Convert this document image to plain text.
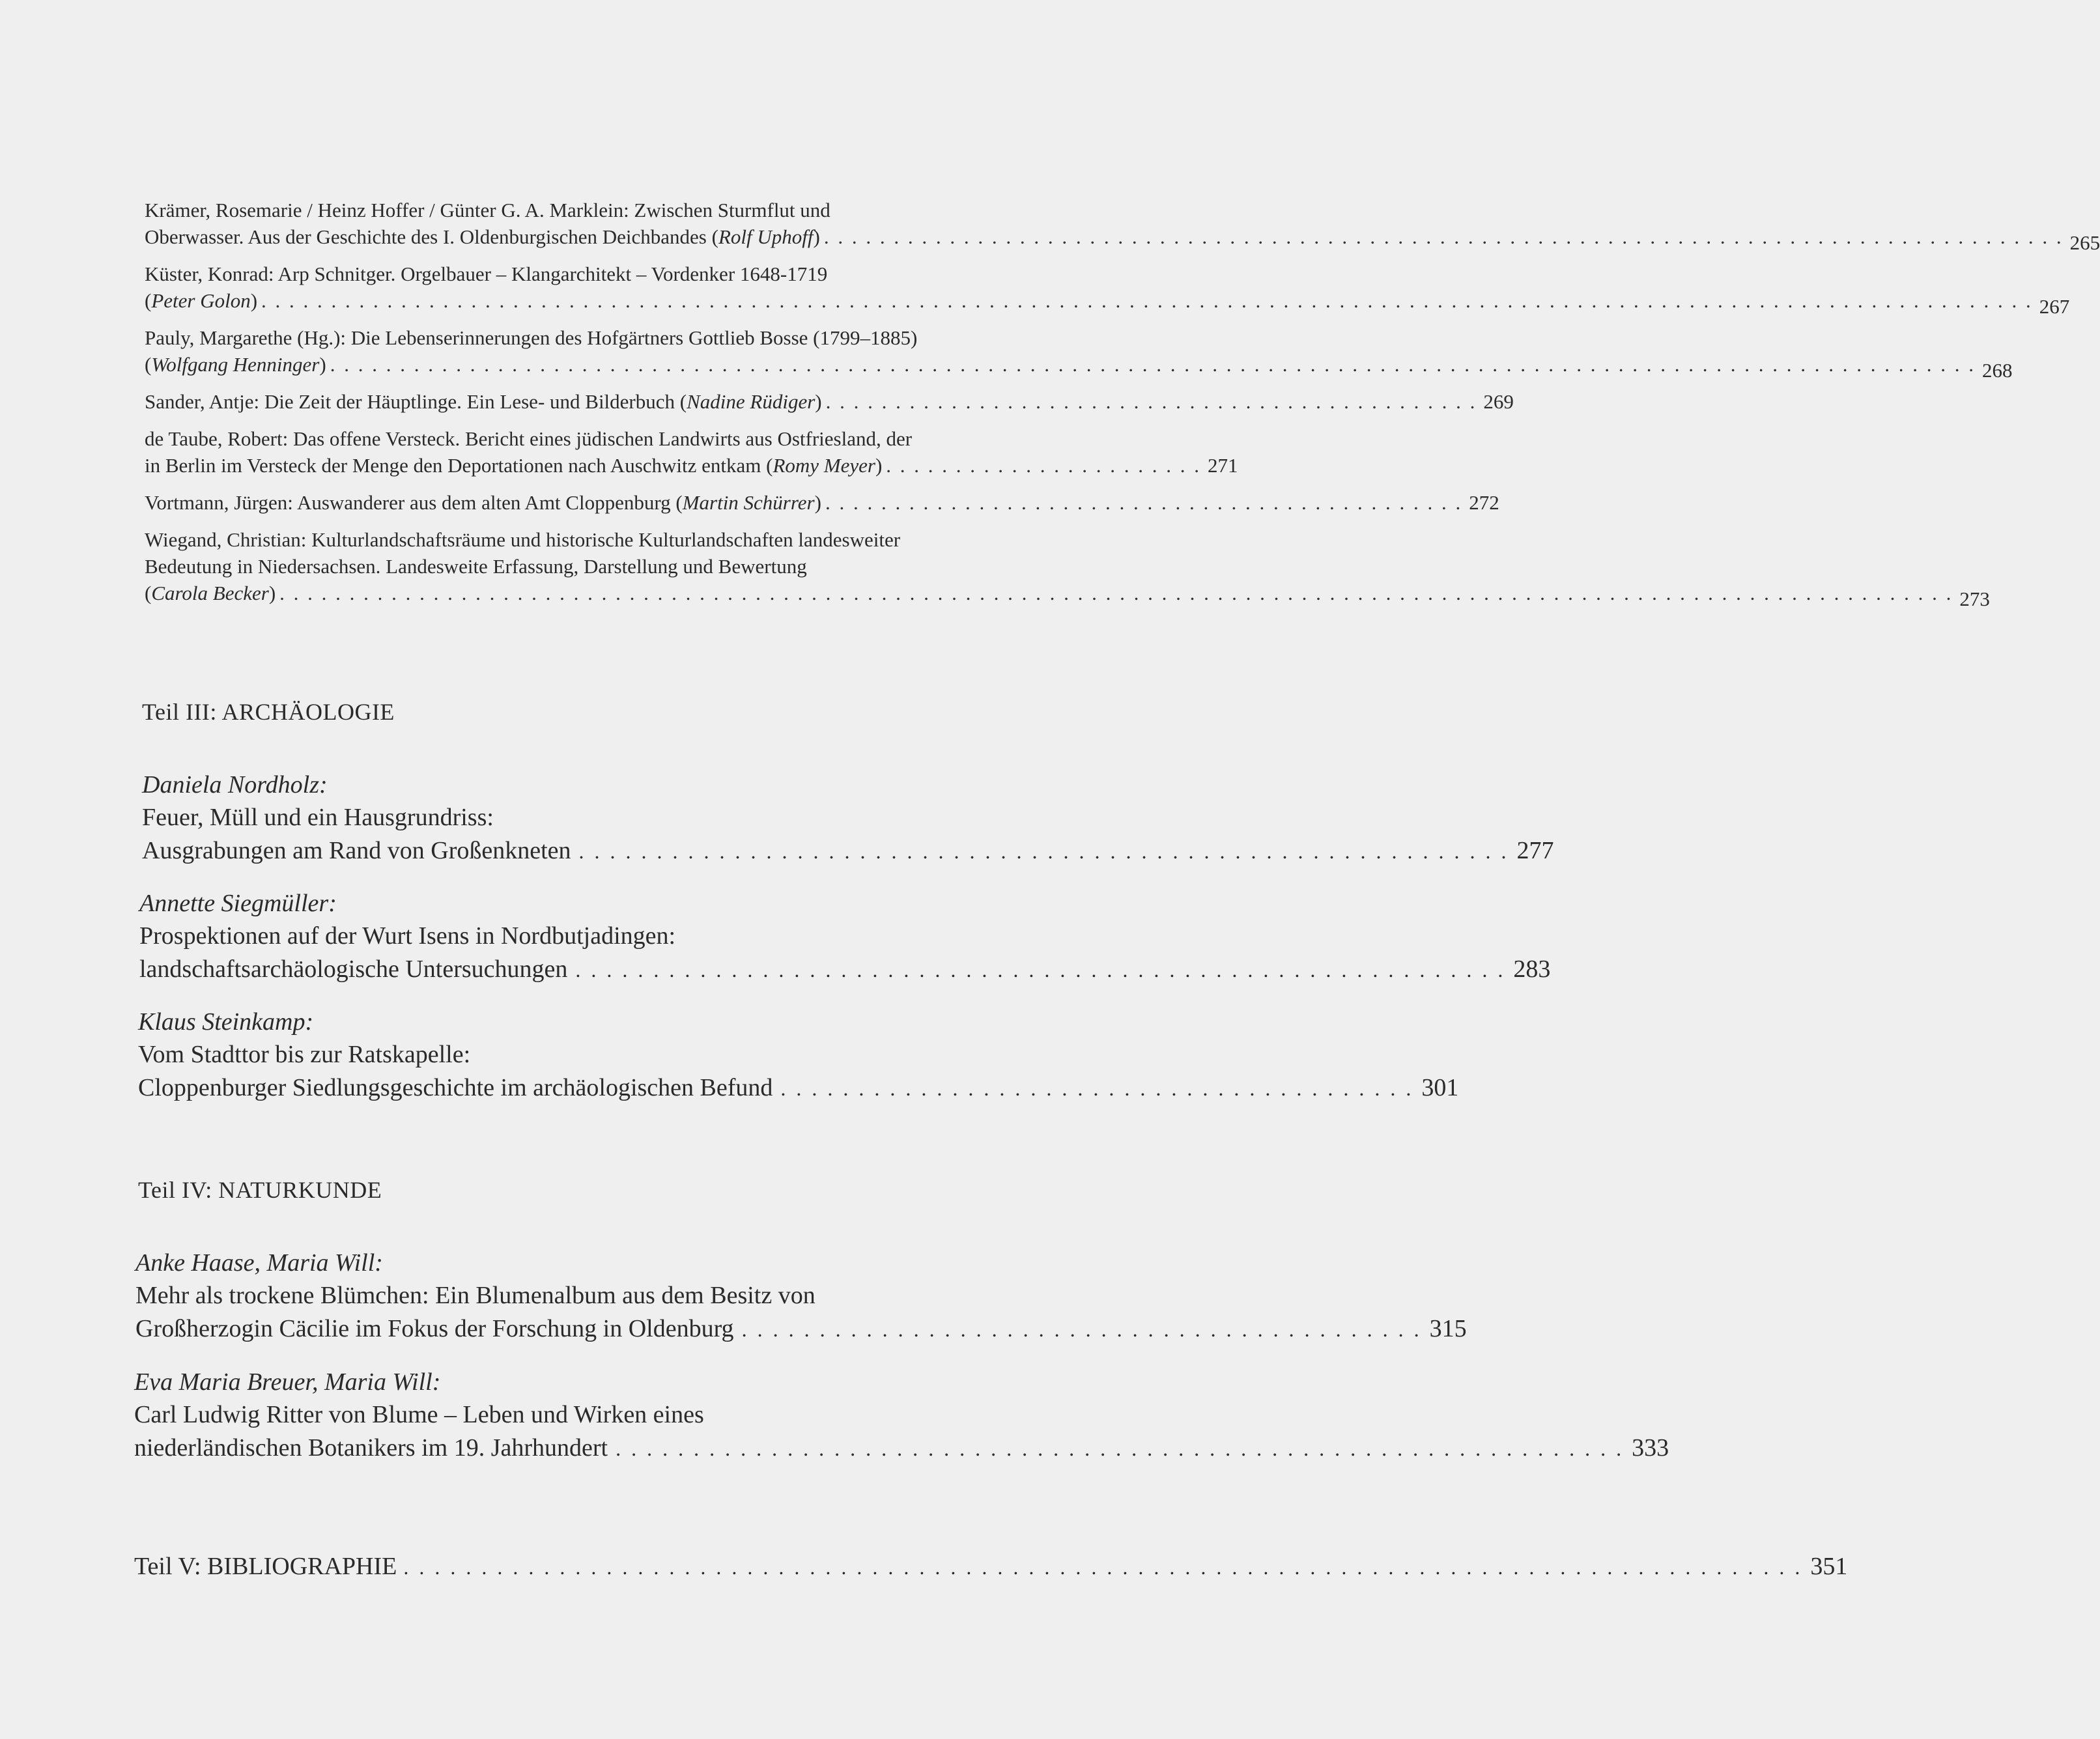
Krämer, Rosemarie / Heinz Hoffer / Günter G. A. Marklein: Zwischen Sturmflut und
Oberwasser. Aus der Geschichte des I. Oldenburgischen Deichbandes (Rolf Uphoff) . . . . . . . . . . . . . . . . . . . . . . . . . . . . . . . . . . . . . . . . . . . . . . . . . . . . . . . . . . . . . . . . . . . . . . . . . . . . . . . . . . . . . . . . . 265
Küster, Konrad: Arp Schnitger. Orgelbauer – Klangarchitekt – Vordenker 1648-1719
(Peter Golon) . . . . . . . . . . . . . . . . . . . . . . . . . . . . . . . . . . . . . . . . . . . . . . . . . . . . . . . . . . . . . . . . . . . . . . . . . . . . . . . . . . . . . . . . . . . . . . . . . . . . . . . . . . . . . . . . . . . . . . . . . . . . . . . 267
Pauly, Margarethe (Hg.): Die Lebenserinnerungen des Hofgärtners Gottlieb Bosse (1799–1885)
(Wolfgang Henninger) . . . . . . . . . . . . . . . . . . . . . . . . . . . . . . . . . . . . . . . . . . . . . . . . . . . . . . . . . . . . . . . . . . . . . . . . . . . . . . . . . . . . . . . . . . . . . . . . . . . . . . . . . . . . . . . . . . . . . . 268
Sander, Antje: Die Zeit der Häuptlinge. Ein Lese- und Bilderbuch (Nadine Rüdiger) . . . . . . . . . . . . . . . . . . . . . . . . . . . . . . . . . . . . . . . . . . . . . . . 269
de Taube, Robert: Das offene Versteck. Bericht eines jüdischen Landwirts aus Ostfriesland, der
in Berlin im Versteck der Menge den Deportationen nach Auschwitz entkam (Romy Meyer) . . . . . . . . . . . . . . . . . . . . . . . 271
Vortmann, Jürgen: Auswanderer aus dem alten Amt Cloppenburg (Martin Schürrer) . . . . . . . . . . . . . . . . . . . . . . . . . . . . . . . . . . . . . . . . . . . . . . 272
Wiegand, Christian: Kulturlandschaftsräume und historische Kulturlandschaften landesweiter
Bedeutung in Niedersachsen. Landesweite Erfassung, Darstellung und Bewertung
(Carola Becker) . . . . . . . . . . . . . . . . . . . . . . . . . . . . . . . . . . . . . . . . . . . . . . . . . . . . . . . . . . . . . . . . . . . . . . . . . . . . . . . . . . . . . . . . . . . . . . . . . . . . . . . . . . . . . . . . . . . . . . . . 273
Teil III: ARCHÄOLOGIE
Daniela Nordholz:
Feuer, Müll und ein Hausgrundriss:
Ausgrabungen am Rand von Großenkneten . . . . . . . . . . . . . . . . . . . . . . . . . . . . . . . . . . . . . . . . . . . . . . . . . . . . . . . . . . . . 277
Annette Siegmüller:
Prospektionen auf der Wurt Isens in Nordbutjadingen:
landschaftsarchäologische Untersuchungen . . . . . . . . . . . . . . . . . . . . . . . . . . . . . . . . . . . . . . . . . . . . . . . . . . . . . . . . . . . . 283
Klaus Steinkamp:
Vom Stadttor bis zur Ratskapelle:
Cloppenburger Siedlungsgeschichte im archäologischen Befund . . . . . . . . . . . . . . . . . . . . . . . . . . . . . . . . . . . . . . . . . 301
Teil IV: NATURKUNDE
Anke Haase, Maria Will:
Mehr als trockene Blümchen: Ein Blumenalbum aus dem Besitz von
Großherzogin Cäcilie im Fokus der Forschung in Oldenburg . . . . . . . . . . . . . . . . . . . . . . . . . . . . . . . . . . . . . . . . . . . . 315
Eva Maria Breuer, Maria Will:
Carl Ludwig Ritter von Blume – Leben und Wirken eines
niederländischen Botanikers im 19. Jahrhundert . . . . . . . . . . . . . . . . . . . . . . . . . . . . . . . . . . . . . . . . . . . . . . . . . . . . . . . . . . . . . . . . . 333
Teil V: BIBLIOGRAPHIE . . . . . . . . . . . . . . . . . . . . . . . . . . . . . . . . . . . . . . . . . . . . . . . . . . . . . . . . . . . . . . . . . . . . . . . . . . . . . . . . . . . . . . . . . . 351
